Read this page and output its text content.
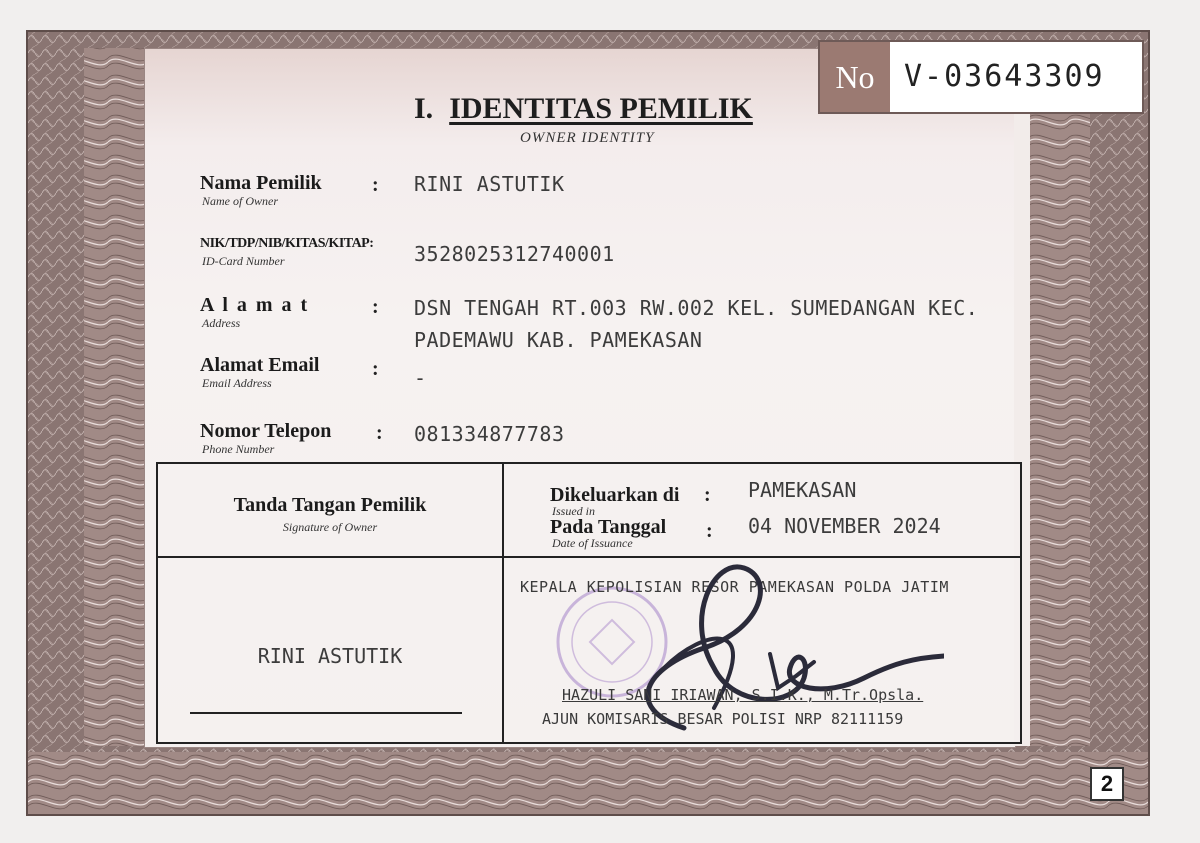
No V-03643309
I. IDENTITAS PEMILIK
OWNER IDENTITY
Nama Pemilik
Name of Owner
: RINI ASTUTIK
NIK/TDP/NIB/KITAS/KITAP:
ID-Card Number	3528025312740001
A l a m a t
Address
: DSN TENGAH RT.003 RW.002 KEL. SUMEDANGAN KEC.
PADEMAWU KAB. PAMEKASAN
Alamat Email
Email Address
: -
Nomor Telepon
Phone Number
: 081334877783
Tanda Tangan Pemilik
Signature of Owner
RINI ASTUTIK
Dikeluarkan di
Issued in
: PAMEKASAN
Pada Tanggal
Date of Issuance
: 04 NOVEMBER 2024
KEPALA KEPOLISIAN RESOR PAMEKASAN POLDA JATIM
HAZULI SANI IRIAWAN, S.I.K., M.Tr.Opsla.
AJUN KOMISARIS BESAR POLISI NRP 82111159
2
